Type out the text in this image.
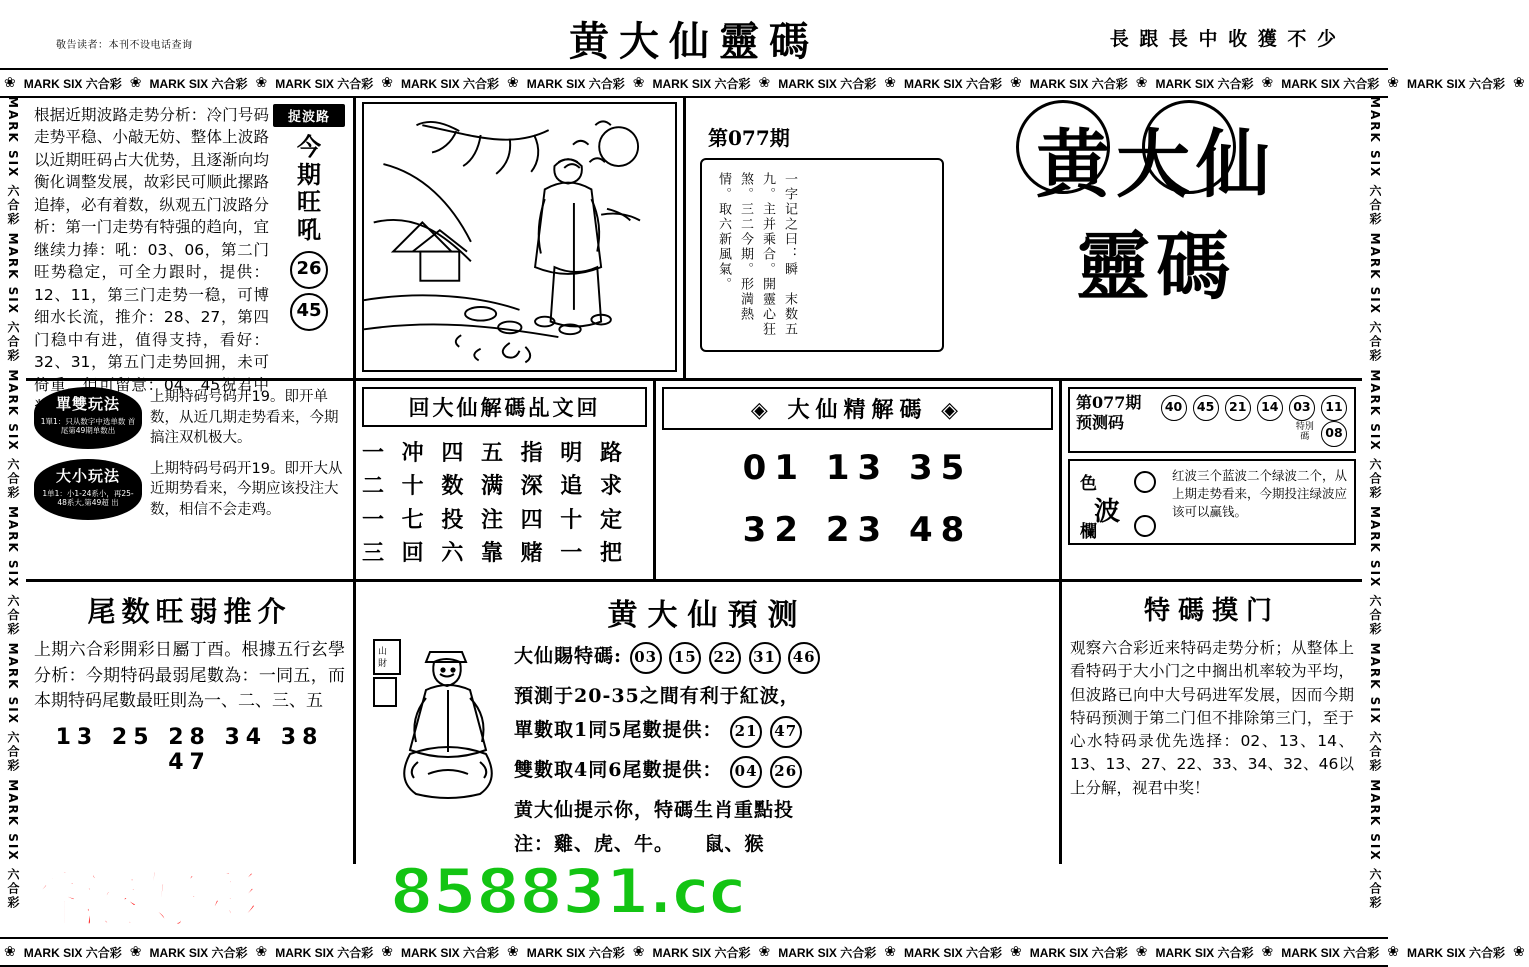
敬告读者：本刊不设电话查询	黄大仙靈碼	長 跟 長 中 收 獲 不 少
❀ MARK SIX 六合彩 ❀ MARK SIX 六合彩 ❀ MARK SIX 六合彩 ❀ MARK SIX 六合彩 ❀ MARK SIX 六合彩 ❀ MARK SIX 六合彩 ❀ MARK SIX 六合彩 ❀ MARK SIX 六合彩 ❀ MARK SIX 六合彩 ❀ MARK SIX 六合彩 ❀ MARK SIX 六合彩 ❀ MARK SIX 六合彩 ❀
MARK SIX 六合彩 MARK SIX 六合彩 MARK SIX 六合彩 MARK SIX 六合彩 MARK SIX 六合彩 MARK SIX 六合彩	MARK SIX 六合彩 MARK SIX 六合彩 MARK SIX 六合彩 MARK SIX 六合彩 MARK SIX 六合彩 MARK SIX 六合彩

根据近期波路走势分析：冷门号码走势平稳、小敲无妨、整体上波路以近期旺码占大优势，且逐渐向均衡化调整发展，故彩民可顺此摞路追捧，必有着数，纵观五门波路分析：第一门走势有特强的趋向，宜继续力捧：吼：03、06，第二门旺势稳定，可全力跟时，提供：12、11，第三门走势一稳，可博细水长流，推介：28、27，第四门稳中有进，值得支持，看好：32、31，第五门走势回拥，未可倚重，但可留意：04、45祝君中奖！

捉波路
今
期
旺
吼
26 45
第077期
一字记之曰：瞬　末数五九。主并乘合。開靈心狂煞。三二今期。形満熱情。取六新風氣。
黄大仙
靈碼
單雙玩法
1單1：只从数字中选单数 首尾第49期单数出
上期特码号码开19。即开单数，从近几期走势看来，今期搞注双机极大。
大小玩法
1单1：小1-24系小，再25-48系大,第49超 出
上期特码号码开19。即开大从近期势看来，今期应该投注大数，相信不会走鸡。
回大仙解碼乩文回
一 冲 四 五 指 明 路
二 十 数 满 深 追 求
一 七 投 注 四 十 定
三 回 六 靠 赌 一 把
◈ 大仙精解碼 ◈
01 13 35
32 23 48
第077期
预测码
40 45 21 14 03 11 特別
碼 08
色
波
欄
红波三个蓝波二个绿波二个，从上期走势看来，今期投注绿波应该可以赢钱。
尾数旺弱推介

上期六合彩開彩日屬丁酉。根據五行玄學分析：今期特码最弱尾數為：一同五，而本期特码尾數最旺則為一、二、三、五

13 25 28 34 38 47
黄大仙預测
山
財	大仙賜特碼: 03 15 22 31 46
預測于20-35之間有利于紅波，
單數取1同5尾數提供： 21 47
雙數取4同6尾數提供： 04 26
黄大仙提示你，特碼生肖重點投
注：雞、虎、牛。　　鼠、猴
特碼摸门

观察六合彩近来特码走势分析；从整体上看特码于大小门之中搁出机率较为平均，但波路已向中大号码进军发展，因而今期特码预测于第二门但不排除第三门，至于心水特码录优先选择：02、13、14、13、13、27、22、33、34、32、46以上分解，视君中奖！

香港好彩	858831.cc
❀ MARK SIX 六合彩 ❀ MARK SIX 六合彩 ❀ MARK SIX 六合彩 ❀ MARK SIX 六合彩 ❀ MARK SIX 六合彩 ❀ MARK SIX 六合彩 ❀ MARK SIX 六合彩 ❀ MARK SIX 六合彩 ❀ MARK SIX 六合彩 ❀ MARK SIX 六合彩 ❀ MARK SIX 六合彩 ❀ MARK SIX 六合彩 ❀
